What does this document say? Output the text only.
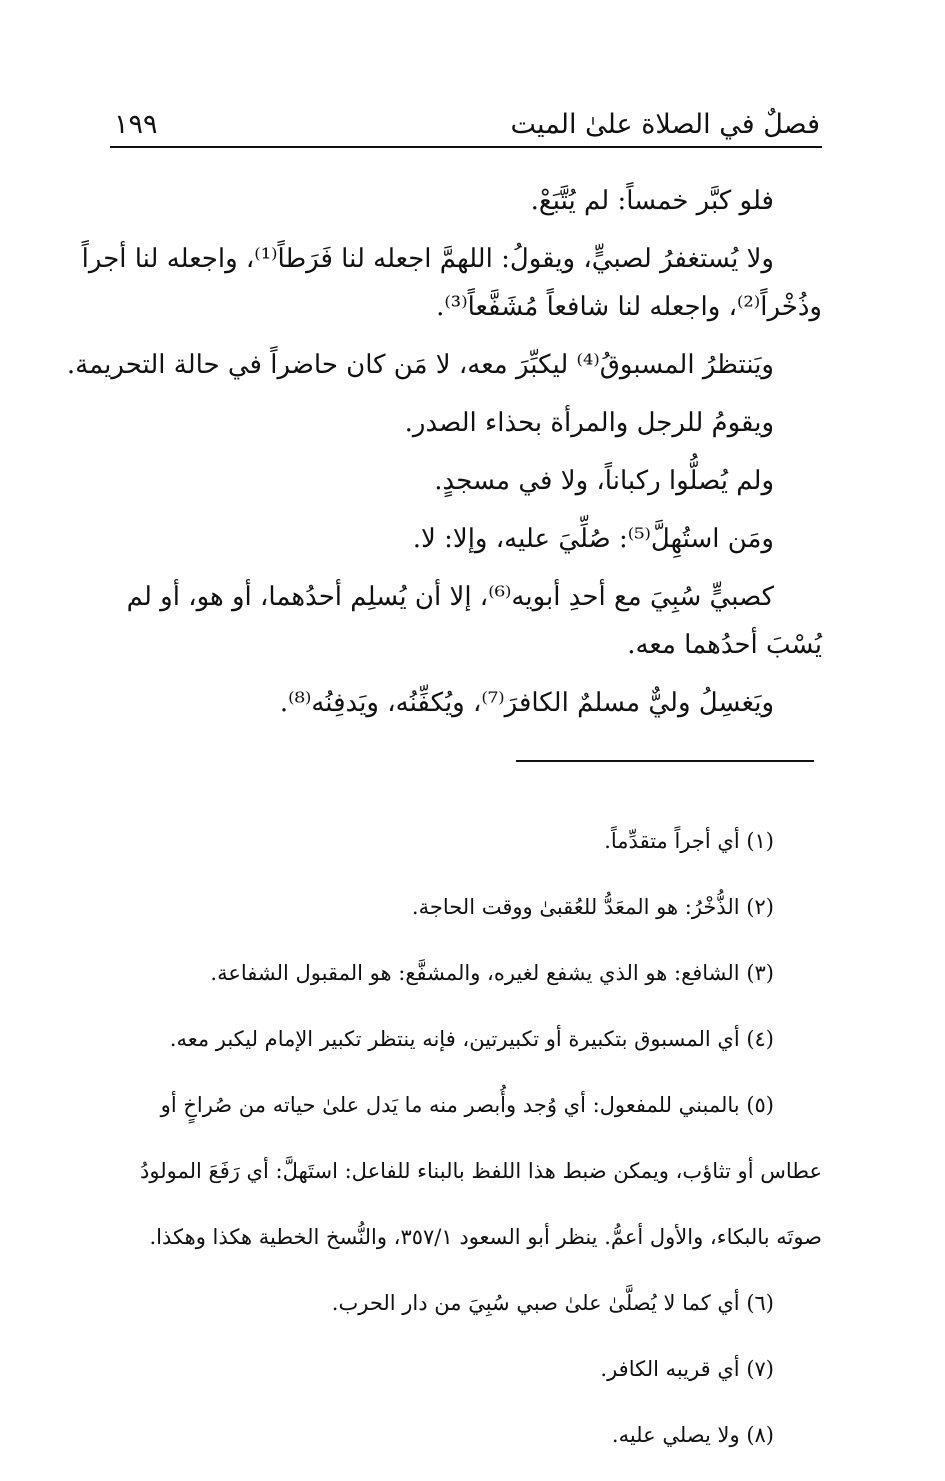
فصلٌ في الصلاة علىٰ الميت
١٩٩

فلو كبَّر خمساً: لم يُتَّبَعْ.

ولا يُستغفرُ لصبيٍّ، ويقولُ: اللهمَّ اجعله لنا فَرَطاً⁽¹⁾، واجعله لنا أجراً

وذُخْراً⁽²⁾، واجعله لنا شافعاً مُشَفَّعاً⁽³⁾.

ويَنتظرُ المسبوقُ⁽⁴⁾ ليكبِّرَ معه، لا مَن كان حاضراً في حالة التحريمة.

ويقومُ للرجل والمرأة بحذاء الصدر.

ولم يُصلُّوا ركباناً، ولا في مسجدٍ.

ومَن استُهِلَّ⁽⁵⁾: صُلِّيَ عليه، وإلا: لا.

كصبيٍّ سُبِيَ مع أحدِ أبويه⁽⁶⁾، إلا أن يُسلِم أحدُهما، أو هو، أو لم

يُسْبَ أحدُهما معه.

ويَغسِلُ وليٌّ مسلمٌ الكافرَ⁽⁷⁾، ويُكفِّنُه، ويَدفِنُه⁽⁸⁾.

(١) أي أجراً متقدِّماً.

(٢) الذُّخْرُ: هو المعَدُّ للعُقبىٰ ووقت الحاجة.

(٣) الشافع: هو الذي يشفع لغيره، والمشفَّع: هو المقبول الشفاعة.

(٤) أي المسبوق بتكبيرة أو تكبيرتين، فإنه ينتظر تكبير الإمام ليكبر معه.

(٥) بالمبني للمفعول: أي وُجد وأُبصر منه ما يَدل علىٰ حياته من صُراخٍ أو

عطاس أو تثاؤب، ويمكن ضبط هذا اللفظ بالبناء للفاعل: استَهلَّ: أي رَفَعَ المولودُ

صوتَه بالبكاء، والأول أعمُّ. ينظر أبو السعود ٣٥٧/١، والنُّسخ الخطية هكذا وهكذا.

(٦) أي كما لا يُصلَّىٰ علىٰ صبي سُبِيَ من دار الحرب.

(٧) أي قريبه الكافر.

(٨) ولا يصلي عليه.
